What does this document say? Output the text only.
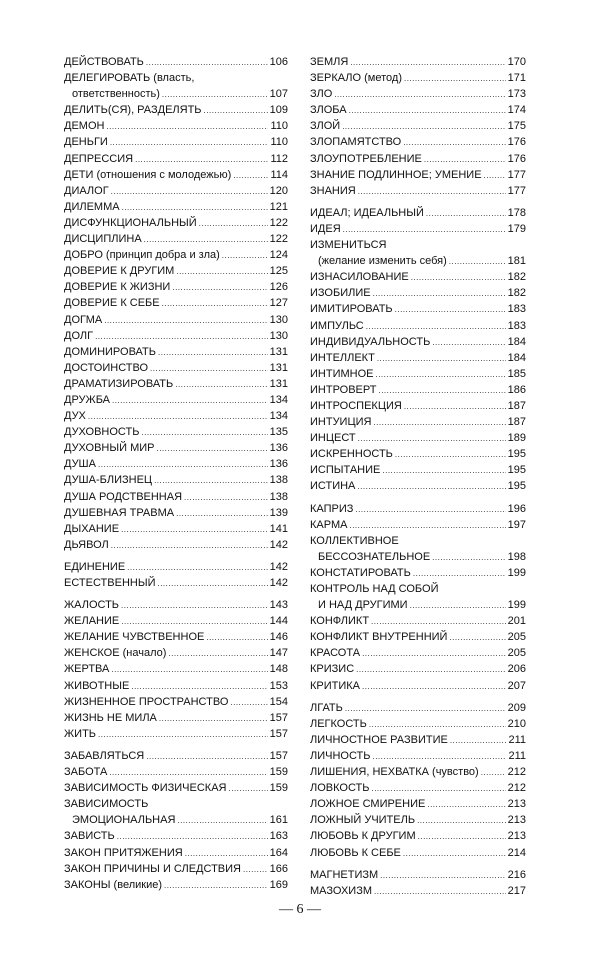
ДЕЙСТВОВАТЬ .....	106
ДЕЛЕГИРОВАТЬ (власть,
ответственность) .....	107
ДЕЛИТЬ(СЯ), РАЗДЕЛЯТЬ .....	109
ДЕМОН .....	110
ДЕНЬГИ .....	110
ДЕПРЕССИЯ .....	112
ДЕТИ (отношения с молодежью) .....	114
ДИАЛОГ .....	120
ДИЛЕММА .....	121
ДИСФУНКЦИОНАЛЬНЫЙ .....	122
ДИСЦИПЛИНА .....	122
ДОБРО (принцип добра и зла) .....	124
ДОВЕРИЕ К ДРУГИМ .....	125
ДОВЕРИЕ К ЖИЗНИ .....	126
ДОВЕРИЕ К СЕБЕ .....	127
ДОГМА .....	130
ДОЛГ .....	130
ДОМИНИРОВАТЬ .....	131
ДОСТОИНСТВО .....	131
ДРАМАТИЗИРОВАТЬ .....	131
ДРУЖБА .....	134
ДУХ .....	134
ДУХОВНОСТЬ .....	135
ДУХОВНЫЙ МИР .....	136
ДУША .....	136
ДУША-БЛИЗНЕЦ .....	138
ДУША РОДСТВЕННАЯ .....	138
ДУШЕВНАЯ ТРАВМА .....	139
ДЫХАНИЕ .....	141
ДЬЯВОЛ .....	142
ЕДИНЕНИЕ .....	142
ЕСТЕСТВЕННЫЙ .....	142
ЖАЛОСТЬ .....	143
ЖЕЛАНИЕ .....	144
ЖЕЛАНИЕ ЧУВСТВЕННОЕ .....	146
ЖЕНСКОЕ (начало) .....	147
ЖЕРТВА .....	148
ЖИВОТНЫЕ .....	153
ЖИЗНЕННОЕ ПРОСТРАНСТВО .....	154
ЖИЗНЬ НЕ МИЛА .....	157
ЖИТЬ .....	157
ЗАБАВЛЯТЬСЯ .....	157
ЗАБОТА .....	159
ЗАВИСИМОСТЬ ФИЗИЧЕСКАЯ .....	159
ЗАВИСИМОСТЬ
ЭМОЦИОНАЛЬНАЯ .....	161
ЗАВИСТЬ .....	163
ЗАКОН ПРИТЯЖЕНИЯ .....	164
ЗАКОН ПРИЧИНЫ И СЛЕДСТВИЯ .....	166
ЗАКОНЫ (великие) .....	169
ЗЕМЛЯ .....	170
ЗЕРКАЛО (метод) .....	171
ЗЛО .....	173
ЗЛОБА .....	174
ЗЛОЙ .....	175
ЗЛОПАМЯТСТВО .....	176
ЗЛОУПОТРЕБЛЕНИЕ .....	176
ЗНАНИЕ ПОДЛИННОЕ; УМЕНИЕ ..... 177
ЗНАНИЯ .....	177
ИДЕАЛ; ИДЕАЛЬНЫЙ .....	178
ИДЕЯ .....	179
ИЗМЕНИТЬСЯ
(желание изменить себя) .....	181
ИЗНАСИЛОВАНИЕ .....	182
ИЗОБИЛИЕ .....	182
ИМИТИРОВАТЬ .....	183
ИМПУЛЬС .....	183
ИНДИВИДУАЛЬНОСТЬ .....	184
ИНТЕЛЛЕКТ .....	184
ИНТИМНОЕ .....	185
ИНТРОВЕРТ .....	186
ИНТРОСПЕКЦИЯ .....	187
ИНТУИЦИЯ .....	187
ИНЦЕСТ .....	189
ИСКРЕННОСТЬ .....	195
ИСПЫТАНИЕ .....	195
ИСТИНА .....	195
КАПРИЗ .....	196
КАРМА .....	197
КОЛЛЕКТИВНОЕ
БЕССОЗНАТЕЛЬНОЕ .....	198
КОНСТАТИРОВАТЬ .....	199
КОНТРОЛЬ НАД СОБОЙ
И НАД ДРУГИМИ .....	199
КОНФЛИКТ .....	201
КОНФЛИКТ ВНУТРЕННИЙ .....	205
КРАСОТА .....	205
КРИЗИС .....	206
КРИТИКА .....	207
ЛГАТЬ .....	209
ЛЕГКОСТЬ .....	210
ЛИЧНОСТНОЕ РАЗВИТИЕ .....	211
ЛИЧНОСТЬ .....	211
ЛИШЕНИЯ, НЕХВАТКА (чувство) .....	212
ЛОВКОСТЬ .....	212
ЛОЖНОЕ СМИРЕНИЕ .....	213
ЛОЖНЫЙ УЧИТЕЛЬ .....	213
ЛЮБОВЬ К ДРУГИМ .....	213
ЛЮБОВЬ К СЕБЕ .....	214
МАГНЕТИЗМ .....	216
МАЗОХИЗМ .....	217
— 6 —
